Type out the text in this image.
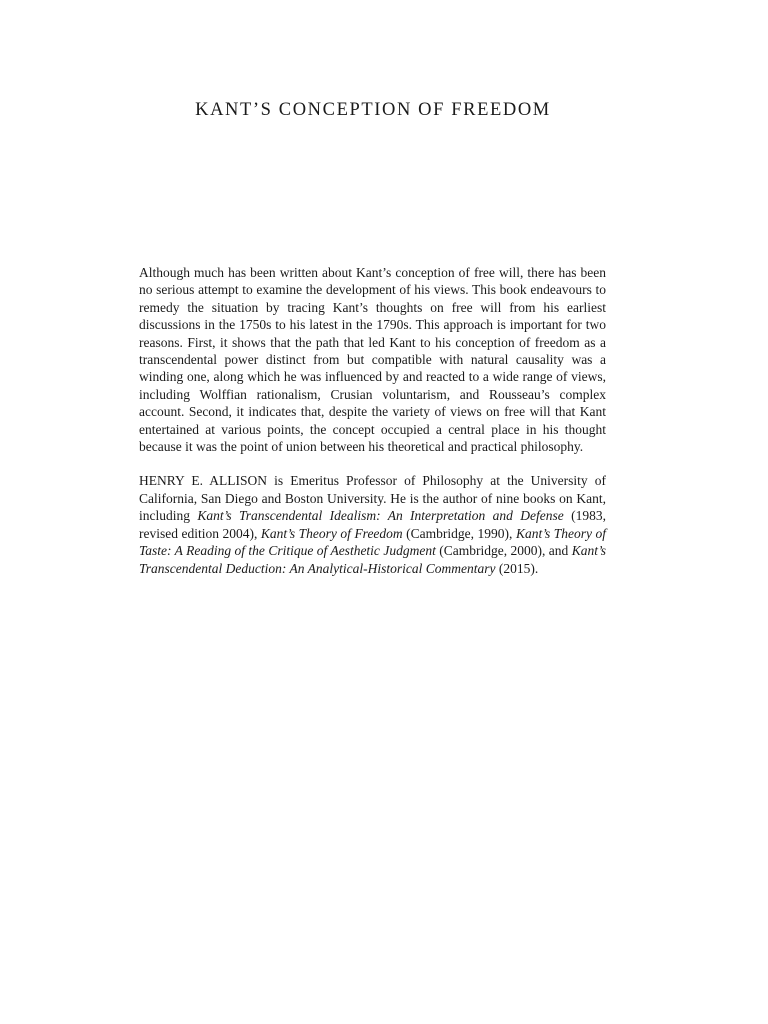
KANT’S CONCEPTION OF FREEDOM

Although much has been written about Kant’s conception of free will, there has been no serious attempt to examine the development of his views. This book endeavours to remedy the situation by tracing Kant’s thoughts on free will from his earliest discussions in the 1750s to his latest in the 1790s. This approach is important for two reasons. First, it shows that the path that led Kant to his conception of freedom as a transcendental power distinct from but compatible with natural causality was a winding one, along which he was influenced by and reacted to a wide range of views, including Wolffian rationalism, Crusian voluntarism, and Rousseau’s complex account. Second, it indicates that, despite the variety of views on free will that Kant entertained at various points, the concept occupied a central place in his thought because it was the point of union between his theoretical and practical philosophy.

HENRY E. ALLISON is Emeritus Professor of Philosophy at the University of California, San Diego and Boston University. He is the author of nine books on Kant, including Kant’s Transcendental Idealism: An Interpretation and Defense (1983, revised edition 2004), Kant’s Theory of Freedom (Cambridge, 1990), Kant’s Theory of Taste: A Reading of the Critique of Aesthetic Judgment (Cambridge, 2000), and Kant’s Transcendental Deduction: An Analytical-Historical Commentary (2015).
